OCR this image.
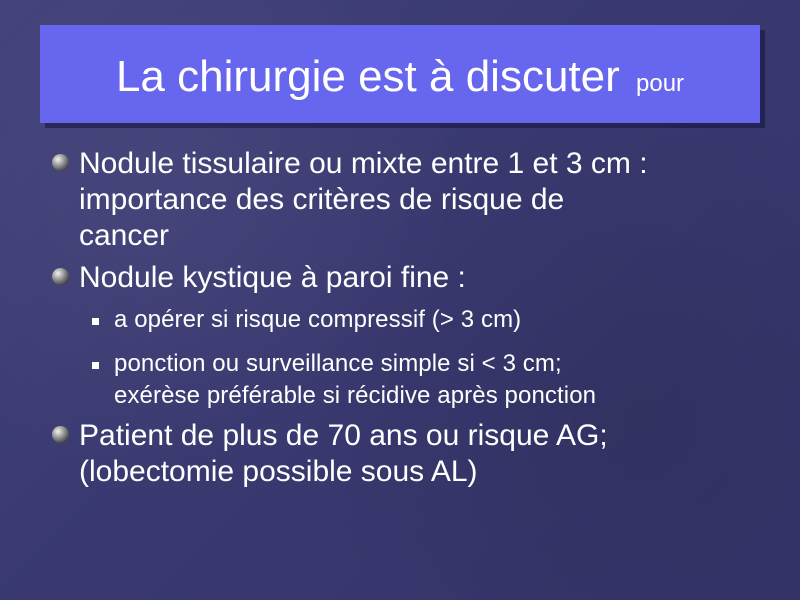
La chirurgie est à discuter pour
Nodule tissulaire ou mixte entre 1 et 3 cm :
importance des critères de risque de
cancer
Nodule kystique à paroi fine :
a opérer si risque compressif (> 3 cm)
ponction ou surveillance simple si < 3 cm;
exérèse préférable si récidive après ponction
Patient de plus de 70 ans ou risque AG;
(lobectomie possible sous AL)
